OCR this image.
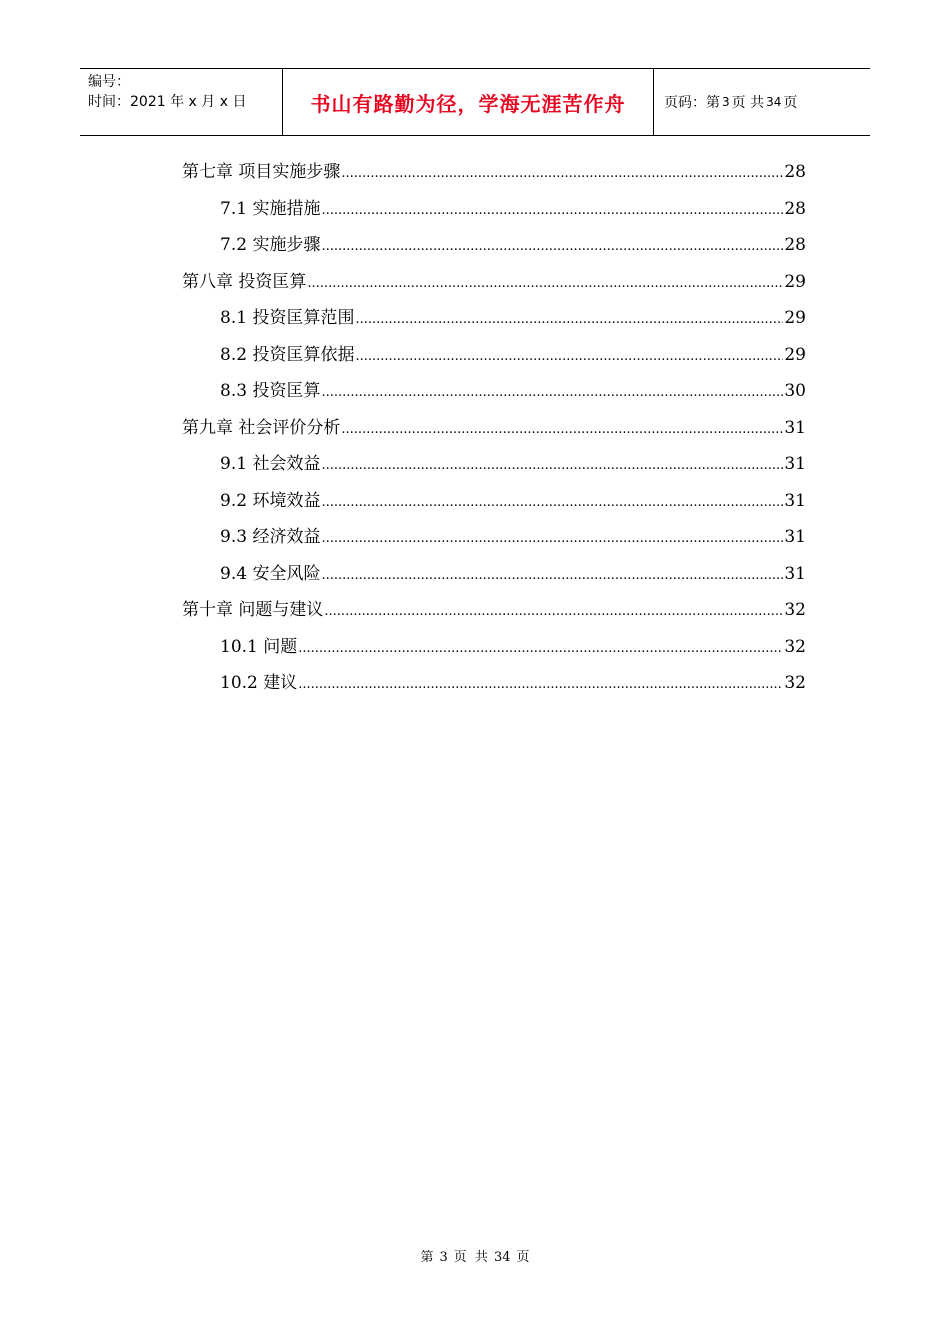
编号：
时间：2021 年 x 月 x 日	书山有路勤为径，学海无涯苦作舟	页码：第 3 页 共 34 页
第七章 项目实施步骤 .....	28
7.1 实施措施 .....	28
7.2 实施步骤 .....	28
第八章 投资匡算 .....	29
8.1 投资匡算范围 .....	29
8.2 投资匡算依据 .....	29
8.3 投资匡算 .....	30
第九章 社会评价分析 .....	31
9.1 社会效益 .....	31
9.2 环境效益 .....	31
9.3 经济效益 .....	31
9.4 安全风险 .....	31
第十章 问题与建议 .....	32
10.1 问题 .....	32
10.2 建议 .....	32
第 3 页 共 34 页
